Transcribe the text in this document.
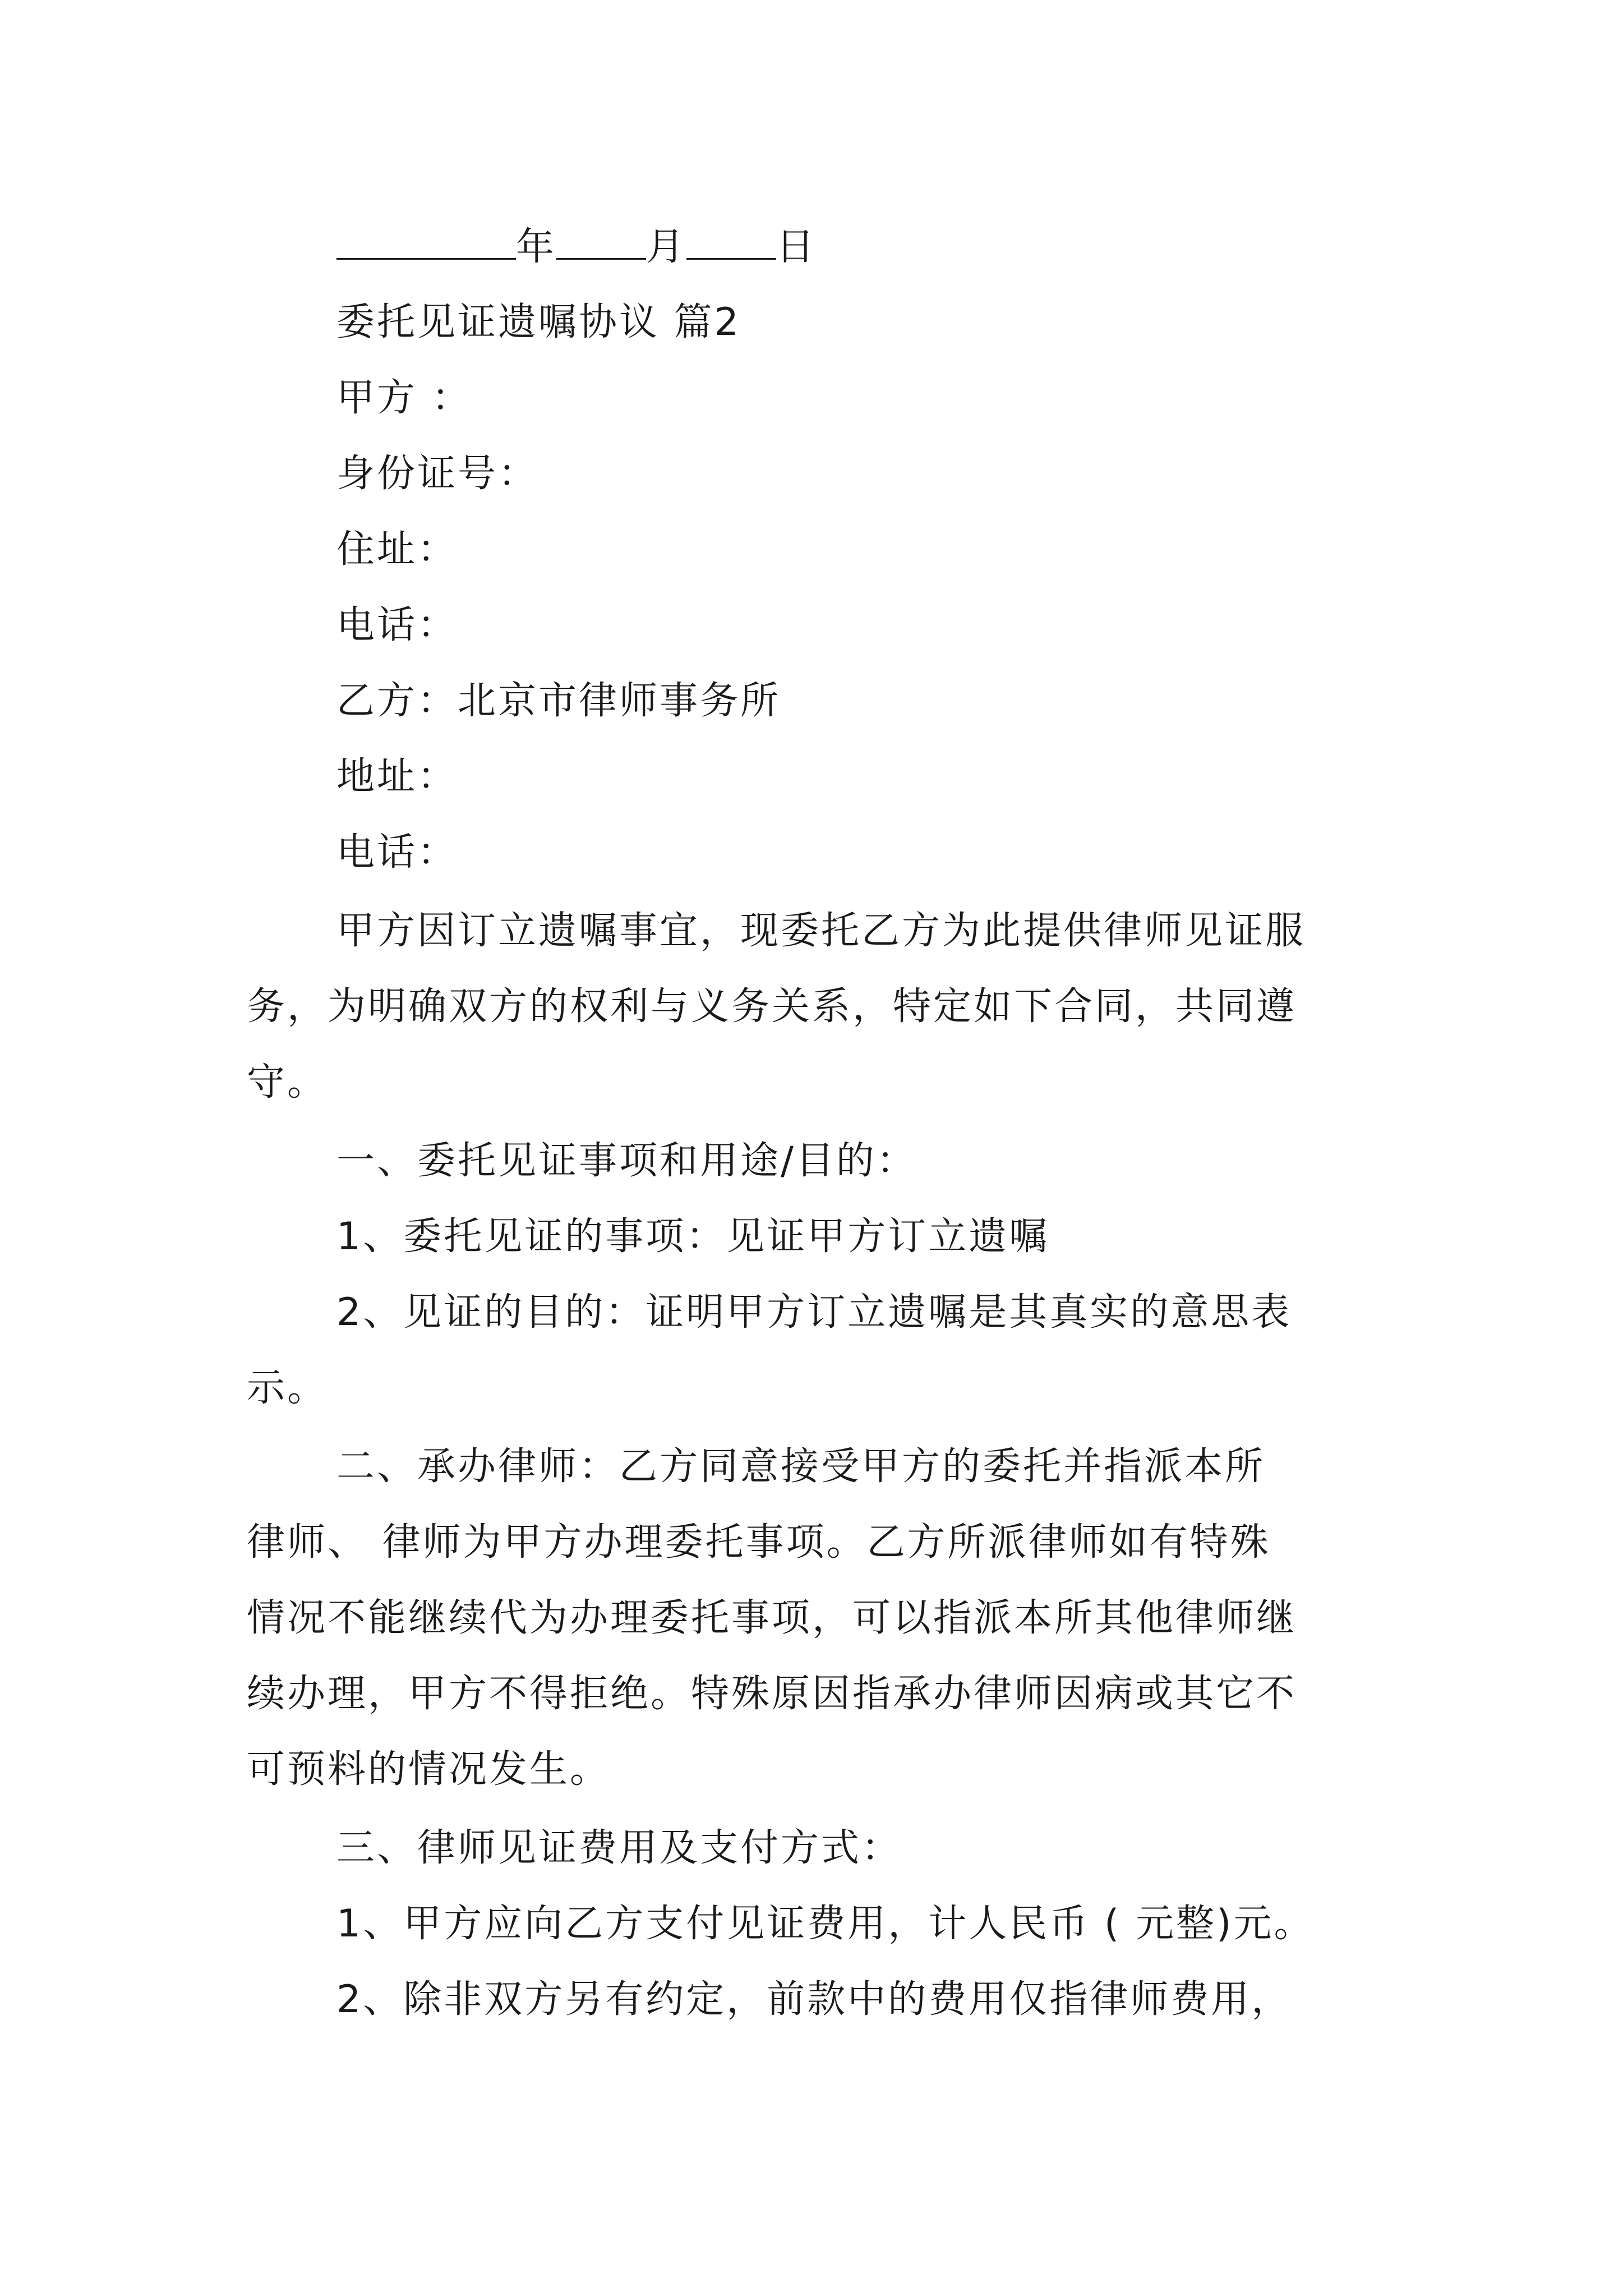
年 月 日
委托见证遗嘱协议 篇2
甲方 ：
身份证号：
住址：
电话：
乙方：北京市律师事务所
地址：
电话：
甲方因订立遗嘱事宜，现委托乙方为此提供律师见证服
务，为明确双方的权利与义务关系，特定如下合同，共同遵
守。
一、委托见证事项和用途/目的：
1、委托见证的事项：见证甲方订立遗嘱
2、见证的目的：证明甲方订立遗嘱是其真实的意思表
示。
二、承办律师：乙方同意接受甲方的委托并指派本所
律师、 律师为甲方办理委托事项。乙方所派律师如有特殊
情况不能继续代为办理委托事项，可以指派本所其他律师继
续办理，甲方不得拒绝。特殊原因指承办律师因病或其它不
可预料的情况发生。
三、律师见证费用及支付方式：
1、甲方应向乙方支付见证费用，计人民币 ( 元整)元。
2、除非双方另有约定，前款中的费用仅指律师费用，
